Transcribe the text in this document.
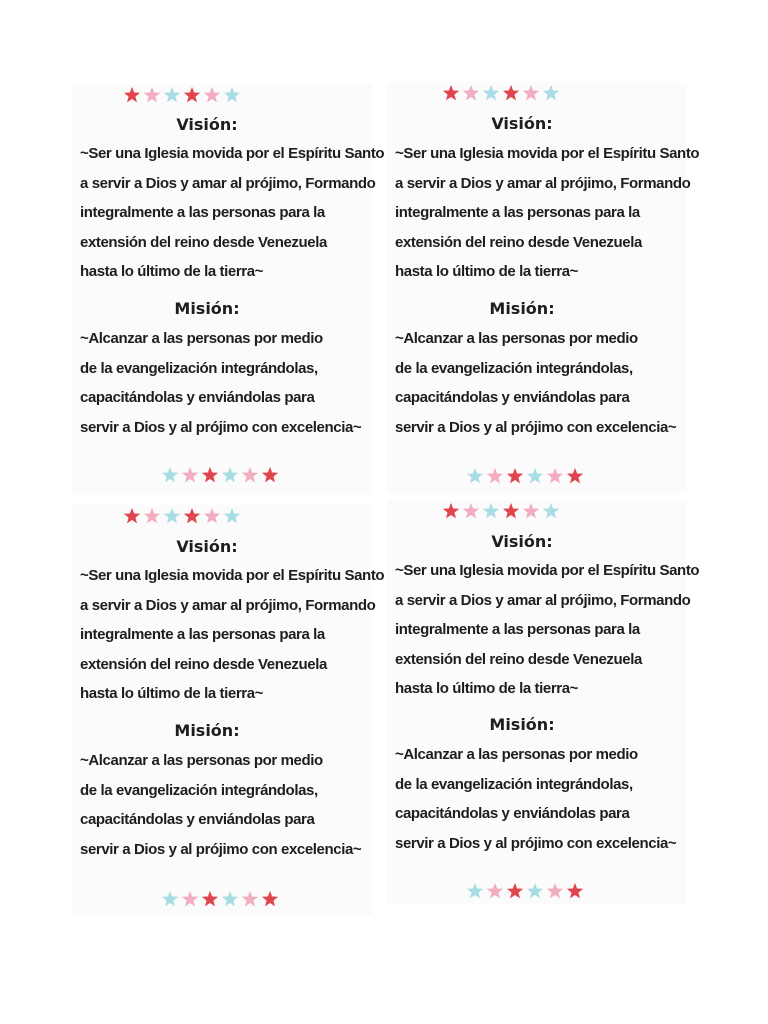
Visión:

~Ser una Iglesia movida por el Espíritu Santo
a servir a Dios y amar al prójimo, Formando
integralmente a las personas para la
extensión del reino desde Venezuela
hasta lo último de la tierra~

Misión:

~Alcanzar a las personas por medio
de la evangelización integrándolas,
capacitándolas y enviándolas para
servir a Dios y al prójimo con excelencia~

Visión:

~Ser una Iglesia movida por el Espíritu Santo
a servir a Dios y amar al prójimo, Formando
integralmente a las personas para la
extensión del reino desde Venezuela
hasta lo último de la tierra~

Misión:

~Alcanzar a las personas por medio
de la evangelización integrándolas,
capacitándolas y enviándolas para
servir a Dios y al prójimo con excelencia~

Visión:

~Ser una Iglesia movida por el Espíritu Santo
a servir a Dios y amar al prójimo, Formando
integralmente a las personas para la
extensión del reino desde Venezuela
hasta lo último de la tierra~

Misión:

~Alcanzar a las personas por medio
de la evangelización integrándolas,
capacitándolas y enviándolas para
servir a Dios y al prójimo con excelencia~

Visión:

~Ser una Iglesia movida por el Espíritu Santo
a servir a Dios y amar al prójimo, Formando
integralmente a las personas para la
extensión del reino desde Venezuela
hasta lo último de la tierra~

Misión:

~Alcanzar a las personas por medio
de la evangelización integrándolas,
capacitándolas y enviándolas para
servir a Dios y al prójimo con excelencia~
